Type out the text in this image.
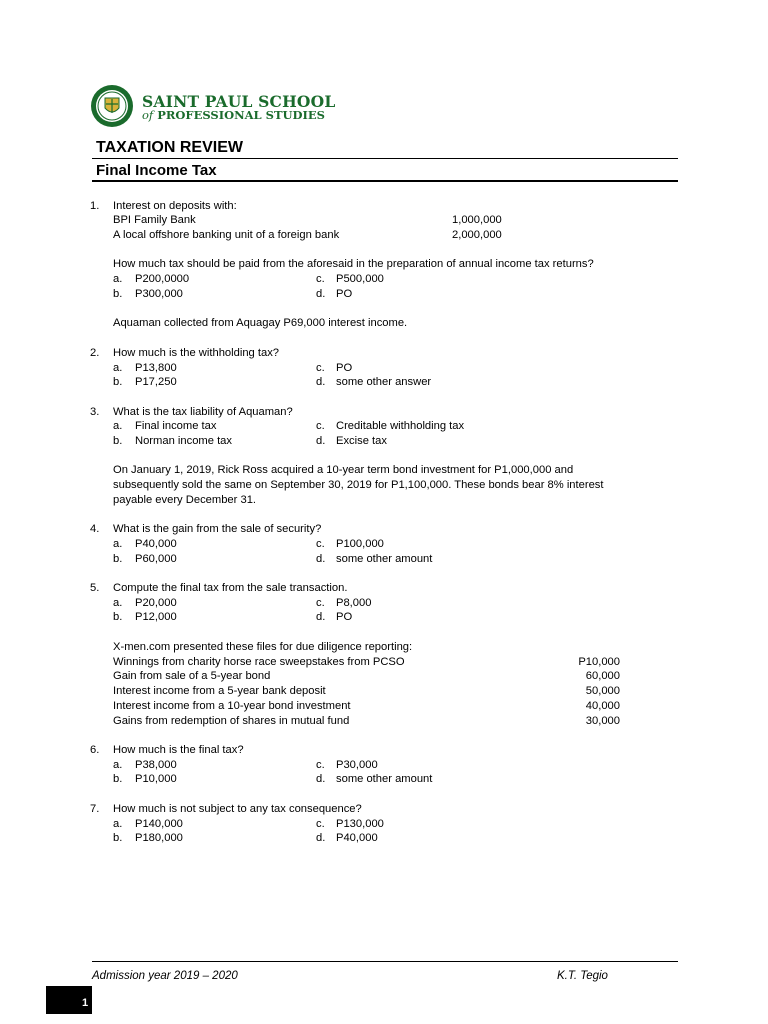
SAINT PAUL SCHOOL
of PROFESSIONAL STUDIES
TAXATION REVIEW
Final Income Tax
1. Interest on deposits with:
BPI Family Bank	1,000,000
A local offshore banking unit of a foreign bank	2,000,000
How much tax should be paid from the aforesaid in the preparation of annual income tax returns?
a. P200,0000	c. P500,000
b. P300,000	d. PO
Aquaman collected from Aquagay P69,000 interest income.
2. How much is the withholding tax?
a. P13,800	c. PO
b. P17,250	d. some other answer
3. What is the tax liability of Aquaman?
a. Final income tax	c. Creditable withholding tax
b. Norman income tax	d. Excise tax
On January 1, 2019, Rick Ross acquired a 10-year term bond investment for P1,000,000 and
subsequently sold the same on September 30, 2019 for P1,100,000. These bonds bear 8% interest
payable every December 31.
4. What is the gain from the sale of security?
a. P40,000	c. P100,000
b. P60,000	d. some other amount
5. Compute the final tax from the sale transaction.
a. P20,000	c. P8,000
b. P12,000	d. PO
X-men.com presented these files for due diligence reporting:
Winnings from charity horse race sweepstakes from PCSO	P10,000
Gain from sale of a 5-year bond	60,000
Interest income from a 5-year bank deposit	50,000
Interest income from a 10-year bond investment	40,000
Gains from redemption of shares in mutual fund	30,000
6. How much is the final tax?
a. P38,000	c. P30,000
b. P10,000	d. some other amount
7. How much is not subject to any tax consequence?
a. P140,000	c. P130,000
b. P180,000	d. P40,000
Admission year 2019 – 2020	K.T. Tegio
1
